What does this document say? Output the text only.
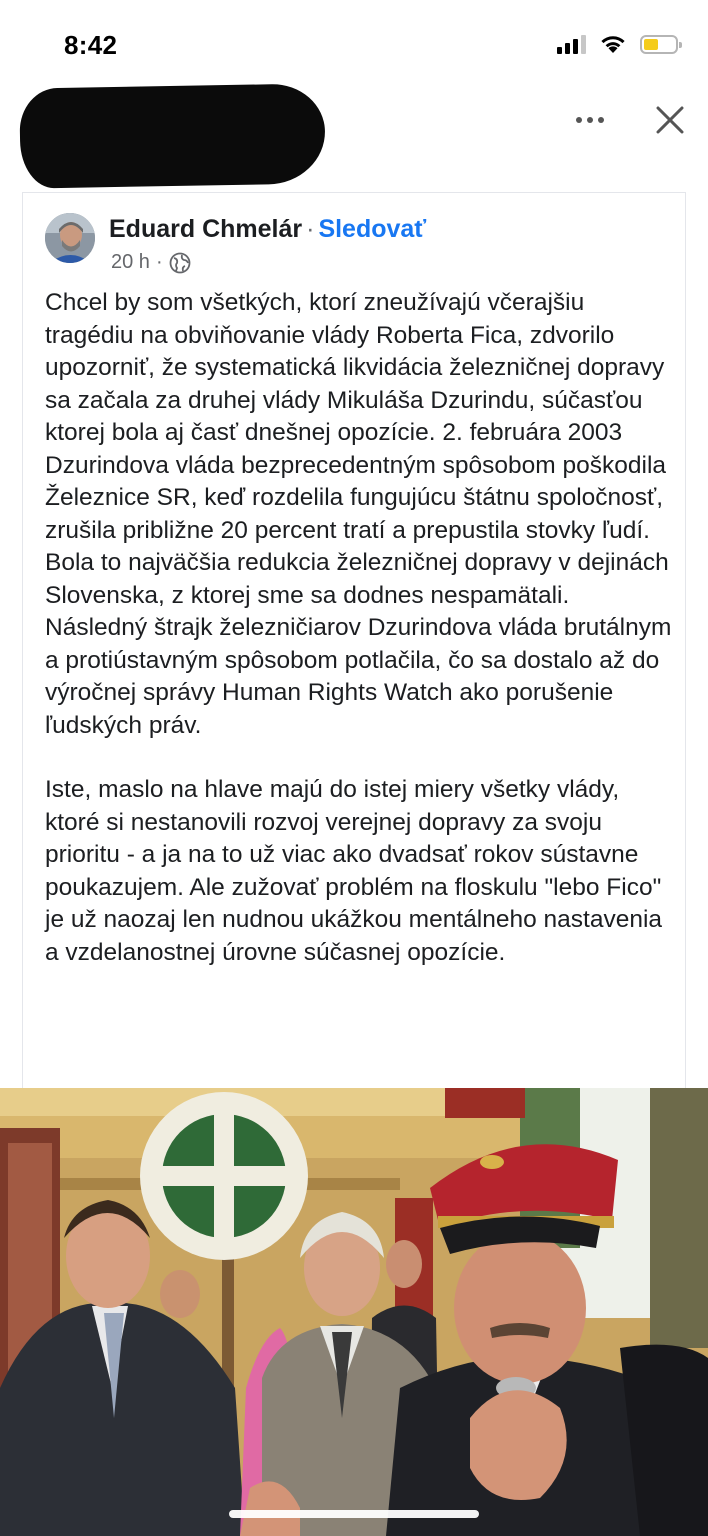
8:42
Eduard Chmelár · Sledovať
20 h ·

Chcel by som všetkých, ktorí zneužívajú včerajšiu tragédiu na obviňovanie vlády Roberta Fica, zdvorilo upozorniť, že systematická likvidácia železničnej dopravy sa začala za druhej vlády Mikuláša Dzurindu, súčasťou ktorej bola aj časť dnešnej opozície. 2. februára 2003 Dzurindova vláda bezprecedentným spôsobom poškodila Železnice SR, keď rozdelila fungujúcu štátnu spoločnosť, zrušila približne 20 percent tratí a prepustila stovky ľudí. Bola to najväčšia redukcia železničnej dopravy v dejinách Slovenska, z ktorej sme sa dodnes nespamätali. Následný štrajk železničiarov Dzurindova vláda brutálnym a protiústavným spôsobom potlačila, čo sa dostalo až do výročnej správy Human Rights Watch ako porušenie ľudských práv.

Iste, maslo na hlave majú do istej miery všetky vlády, ktoré si nestanovili rozvoj verejnej dopravy za svoju prioritu - a ja na to už viac ako dvadsať rokov sústavne poukazujem. Ale zužovať problém na floskulu "lebo Fico" je už naozaj len nudnou ukážkou mentálneho nastavenia a vzdelanostnej úrovne súčasnej opozície.
